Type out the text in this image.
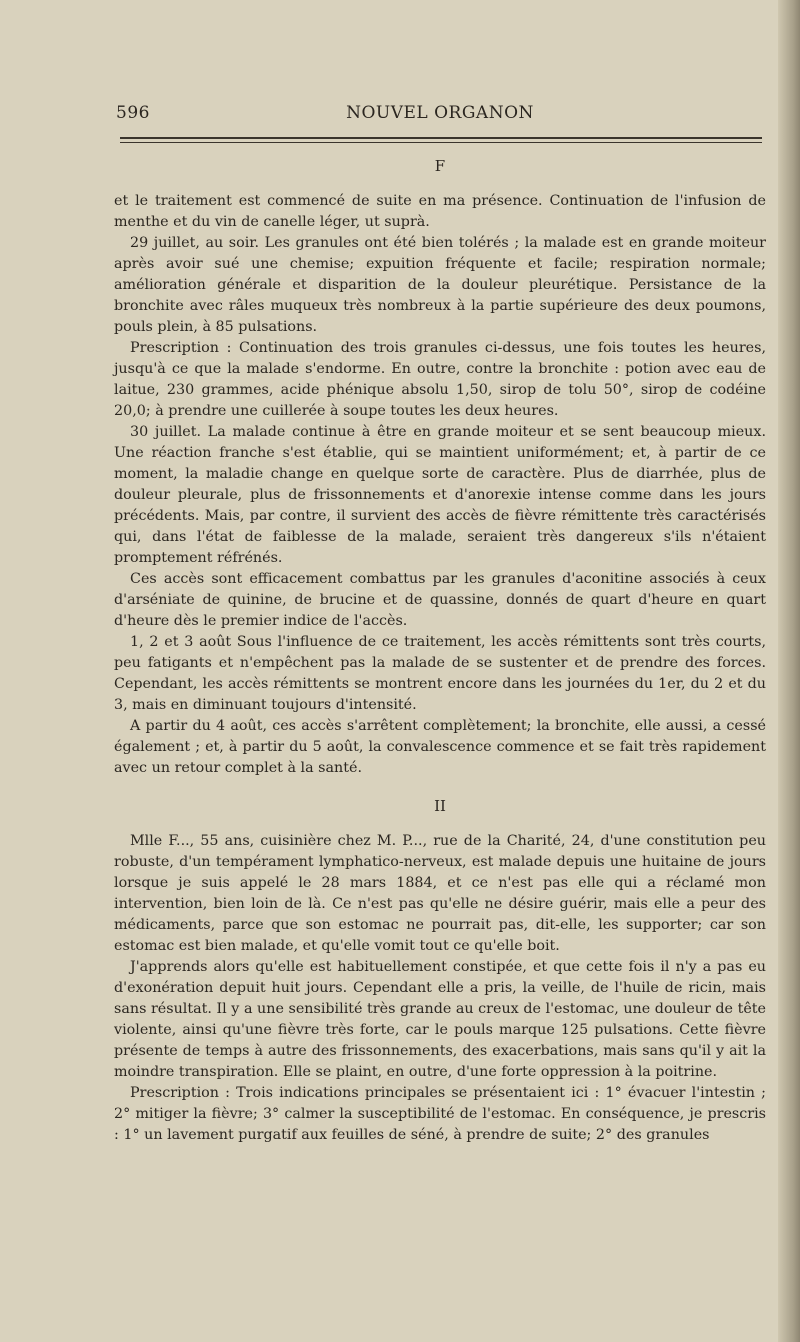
596	NOUVEL ORGANON
F

et le traitement est commencé de suite en ma présence. Continuation de l'infusion de menthe et du vin de canelle léger, ut suprà.

29 juillet, au soir. Les granules ont été bien tolérés ; la malade est en grande moiteur après avoir sué une chemise; expuition fréquente et facile; respiration normale; amélioration générale et disparition de la douleur pleurétique. Persistance de la bronchite avec râles muqueux très nombreux à la partie supérieure des deux poumons, pouls plein, à 85 pulsations.

Prescription : Continuation des trois granules ci-dessus, une fois toutes les heures, jusqu'à ce que la malade s'endorme. En outre, contre la bronchite : potion avec eau de laitue, 230 grammes, acide phénique absolu 1,50, sirop de tolu 50°, sirop de codéine 20,0; à prendre une cuillerée à soupe toutes les deux heures.

30 juillet. La malade continue à être en grande moiteur et se sent beaucoup mieux. Une réaction franche s'est établie, qui se maintient uniformément; et, à partir de ce moment, la maladie change en quelque sorte de caractère. Plus de diarrhée, plus de douleur pleurale, plus de frissonnements et d'anorexie intense comme dans les jours précédents. Mais, par contre, il survient des accès de fièvre rémittente très caractérisés qui, dans l'état de faiblesse de la malade, seraient très dangereux s'ils n'étaient promptement réfrénés.

Ces accès sont efficacement combattus par les granules d'aconitine associés à ceux d'arséniate de quinine, de brucine et de quassine, donnés de quart d'heure en quart d'heure dès le premier indice de l'accès.

1, 2 et 3 août Sous l'influence de ce traitement, les accès rémittents sont très courts, peu fatigants et n'empêchent pas la malade de se sustenter et de prendre des forces. Cependant, les accès rémittents se montrent encore dans les journées du 1er, du 2 et du 3, mais en diminuant toujours d'intensité.

A partir du 4 août, ces accès s'arrêtent complètement; la bronchite, elle aussi, a cessé également ; et, à partir du 5 août, la convalescence commence et se fait très rapidement avec un retour complet à la santé.

II

Mlle F..., 55 ans, cuisinière chez M. P..., rue de la Charité, 24, d'une constitution peu robuste, d'un tempérament lymphatico-nerveux, est malade depuis une huitaine de jours lorsque je suis appelé le 28 mars 1884, et ce n'est pas elle qui a réclamé mon intervention, bien loin de là. Ce n'est pas qu'elle ne désire guérir, mais elle a peur des médicaments, parce que son estomac ne pourrait pas, dit-elle, les supporter; car son estomac est bien malade, et qu'elle vomit tout ce qu'elle boit.

J'apprends alors qu'elle est habituellement constipée, et que cette fois il n'y a pas eu d'exonération depuit huit jours. Cependant elle a pris, la veille, de l'huile de ricin, mais sans résultat. Il y a une sensibilité très grande au creux de l'estomac, une douleur de tête violente, ainsi qu'une fièvre très forte, car le pouls marque 125 pulsations. Cette fièvre présente de temps à autre des frissonnements, des exacerbations, mais sans qu'il y ait la moindre transpiration. Elle se plaint, en outre, d'une forte oppression à la poitrine.

Prescription : Trois indications principales se présentaient ici : 1° évacuer l'intestin ; 2° mitiger la fièvre; 3° calmer la susceptibilité de l'estomac. En conséquence, je prescris : 1° un lavement purgatif aux feuilles de séné, à prendre de suite; 2° des granules
